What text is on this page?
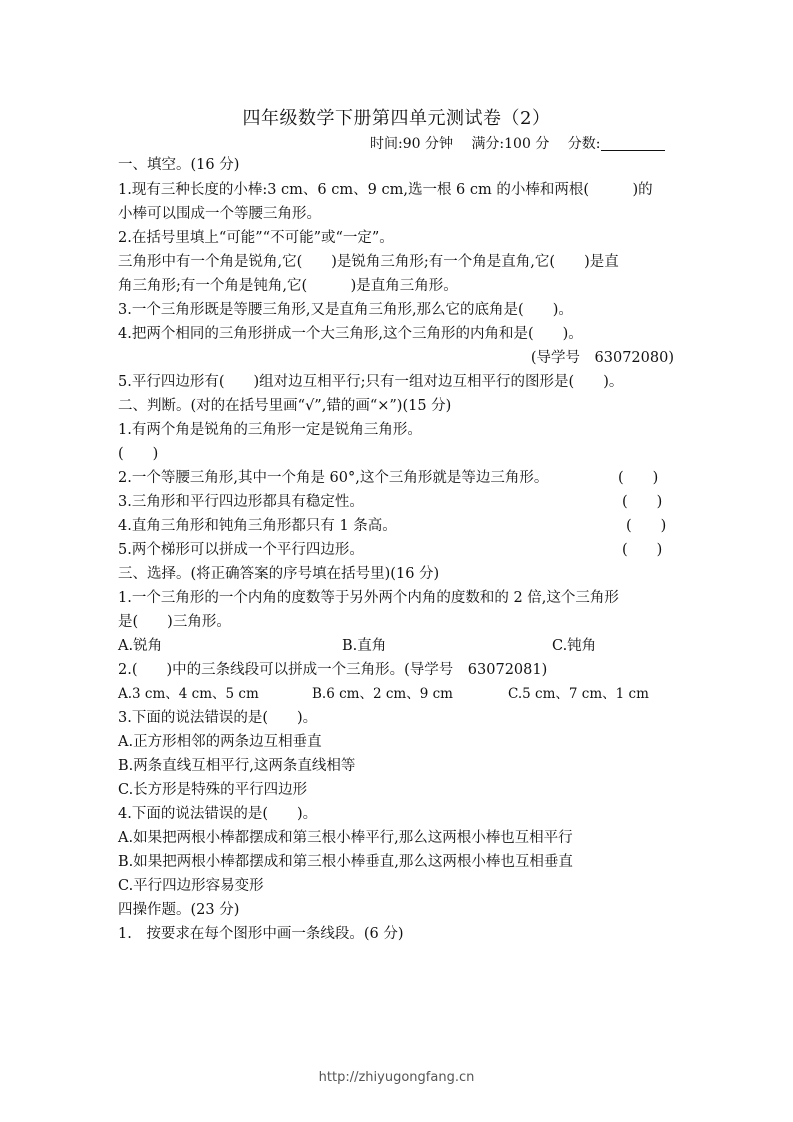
四年级数学下册第四单元测试卷（2）
时间:90 分钟 满分:100 分 分数:
一、填空。(16 分)
1.现有三种长度的小棒:3 cm、6 cm、9 cm,选一根 6 cm 的小棒和两根(　　　)的
小棒可以围成一个等腰三角形。
2.在括号里填上“可能”“不可能”或“一定”。
三角形中有一个角是锐角,它(　　)是锐角三角形;有一个角是直角,它(　　)是直
角三角形;有一个角是钝角,它(　　　)是直角三角形。
3.一个三角形既是等腰三角形,又是直角三角形,那么它的底角是(　　)。
4.把两个相同的三角形拼成一个大三角形,这个三角形的内角和是(　　)。
(导学号　63072080)
5.平行四边形有(　　)组对边互相平行;只有一组对边互相平行的图形是(　　)。
二、判断。(对的在括号里画“√”,错的画“×”)(15 分)
1.有两个角是锐角的三角形一定是锐角三角形。
(　　)
2.一个等腰三角形,其中一个角是 60°,这个三角形就是等边三角形。	(　　)
3.三角形和平行四边形都具有稳定性。	(　　)
4.直角三角形和钝角三角形都只有 1 条高。	(　　)
5.两个梯形可以拼成一个平行四边形。	(　　)
三、选择。(将正确答案的序号填在括号里)(16 分)
1.一个三角形的一个内角的度数等于另外两个内角的度数和的 2 倍,这个三角形
是(　　)三角形。
A.锐角	B.直角	C.钝角
2.(　　)中的三条线段可以拼成一个三角形。(导学号　63072081)
A.3 cm、4 cm、5 cm	B.6 cm、2 cm、9 cm	C.5 cm、7 cm、1 cm
3.下面的说法错误的是(　　)。
A.正方形相邻的两条边互相垂直
B.两条直线互相平行,这两条直线相等
C.长方形是特殊的平行四边形
4.下面的说法错误的是(　　)。
A.如果把两根小棒都摆成和第三根小棒平行,那么这两根小棒也互相平行
B.如果把两根小棒都摆成和第三根小棒垂直,那么这两根小棒也互相垂直
C.平行四边形容易变形
四操作题。(23 分)
1.　按要求在每个图形中画一条线段。(6 分)
http://zhiyugongfang.cn
